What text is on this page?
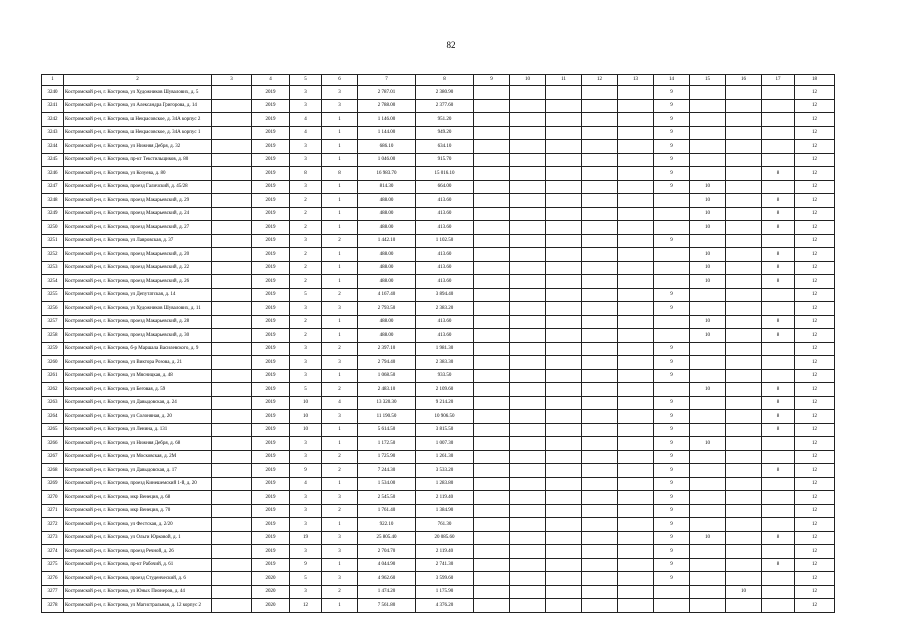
82
1	2	3	4	5	6	7	8	9	10	11	12	13	14	15	16	17	18
3240	Костромской р-н, г. Кострома, ул Художников Шувалових, д. 5		2019	3	3	2 787.01	2 380.90						9				12
3241	Костромской р-н, г. Кострома, ул Александра Григорова, д. 14		2019	3	3	2 788.00	2 377.60						9				12
3242	Костромской р-н, г. Кострома, ш Некрасовское, д. 34А корпус 2		2019	4	1	1 146.00	951.20						9				12
3243	Костромской р-н, г. Кострома, ш Некрасовское, д. 34А корпус 1		2019	4	1	1 144.00	949.20						9				12
3244	Костромской р-н, г. Кострома, ул Нижняя Дебря, д. 32		2019	3	1	686.10	634.10						9				12
3245	Костромской р-н, г. Кострома, пр-кт Текстильщиков, д. 80		2019	3	1	1 046.00	915.70						9				12
3246	Костромской р-н, г. Кострома, ул Козуева, д. 80		2019	8	8	16 983.70	15 016.10						9			8	12
3247	Костромской р-н, г. Кострома, проезд Галичский, д. 45/28		2019	3	1	814.30	664.00						9	10			12
3248	Костромской р-н, г. Кострома, проезд Макарьевский, д. 29		2019	2	1	488.00	413.60							10		8	12
3249	Костромской р-н, г. Кострома, проезд Макарьевский, д. 24		2019	2	1	488.00	413.60							10		8	12
3250	Костромской р-н, г. Кострома, проезд Макарьевский, д. 27		2019	2	1	488.00	413.60							10		8	12
3251	Костромской р-н, г. Кострома, ул Лавровская, д. 37		2019	3	2	1 442.10	1 102.50						9				12
3252	Костромской р-н, г. Кострома, проезд Макарьевский, д. 20		2019	2	1	488.00	413.60							10		8	12
3253	Костромской р-н, г. Кострома, проезд Макарьевский, д. 22		2019	2	1	488.00	413.60							10		8	12
3254	Костромской р-н, г. Кострома, проезд Макарьевский, д. 26		2019	2	1	488.00	413.60							10		8	12
3255	Костромской р-н, г. Кострома, ул Депутатская, д. 14		2019	5	2	4 167.40	3 894.40						9				12
3256	Костромской р-н, г. Кострома, ул Художников Шувалових, д. 11		2019	3	3	2 793.50	2 383.20						9				12
3257	Костромской р-н, г. Кострома, проезд Макарьевский, д. 28		2019	2	1	488.00	413.60							10		8	12
3258	Костромской р-н, г. Кострома, проезд Макарьевский, д. 30		2019	2	1	488.00	413.60							10		8	12
3259	Костромской р-н, г. Кострома, б-р Маршала Василевского, д. 9		2019	3	2	2 397.10	1 981.30						9				12
3260	Костромской р-н, г. Кострома, ул Виктора Розова, д. 21		2019	3	3	2 794.40	2 383.30						9				12
3261	Костромской р-н, г. Кострома, ул Мясницкая, д. 48		2019	3	1	1 068.50	933.50						9				12
3262	Костромской р-н, г. Кострома, ул Беговая, д. 59		2019	5	2	2 483.10	2 109.60							10		8	12
3263	Костромской р-н, г. Кострома, ул Давыдовская, д. 24		2019	10	4	13 320.30	9 214.20						9			8	12
3264	Костромской р-н, г. Кострома, ул Солоняная, д. 20		2019	10	3	11 190.50	10 906.50						9			8	12
3265	Костромской р-н, г. Кострома, ул Ленина, д. 131		2019	10	1	5 614.50	3 815.50						9			8	12
3266	Костромской р-н, г. Кострома, ул Нижняя Дебря, д. 68		2019	3	1	1 172.50	1 007.30						9	10			12
3267	Костромской р-н, г. Кострома, ул Московская, д. 2М		2019	3	2	1 725.90	1 261.30						9				12
3268	Костромской р-н, г. Кострома, ул Давыдовская, д. 17		2019	9	2	7 244.30	3 533.20						9			8	12
3269	Костромской р-н, г. Кострома, проезд Кинешемский 1-й, д. 20		2019	4	1	1 534.00	1 283.80						9				12
3270	Костромской р-н, г. Кострома, мкр Венеция, д. 68		2019	3	3	2 545.50	2 119.40						9				12
3271	Костромской р-н, г. Кострома, мкр Венеция, д. 70		2019	3	2	1 761.40	1 384.90						9				12
3272	Костромской р-н, г. Кострома, ул Фестская, д. 2/20		2019	3	1	922.10	761.30						9				12
3273	Костромской р-н, г. Кострома, ул Ольги Юрковой, д. 1		2019	19	3	25 805.40	20 085.60						9	10		8	12
3274	Костромской р-н, г. Кострома, проезд Речной, д. 26		2019	3	3	2 704.70	2 119.40						9				12
3275	Костромской р-н, г. Кострома, пр-кт Рабочий, д. 61		2019	9	1	4 044.90	2 741.30						9			8	12
3276	Костромской р-н, г. Кострома, проезд Студенческий, д. 6		2020	5	3	4 962.60	3 599.60						9				12
3277	Костромской р-н, г. Кострома, ул Юных Пионеров, д. 44		2020	3	2	1 474.20	1 175.90								10		12
3278	Костромской р-н, г. Кострома, ул Магистральная, д. 12 корпус 2		2020	12	1	7 561.80	4 376.20										12
